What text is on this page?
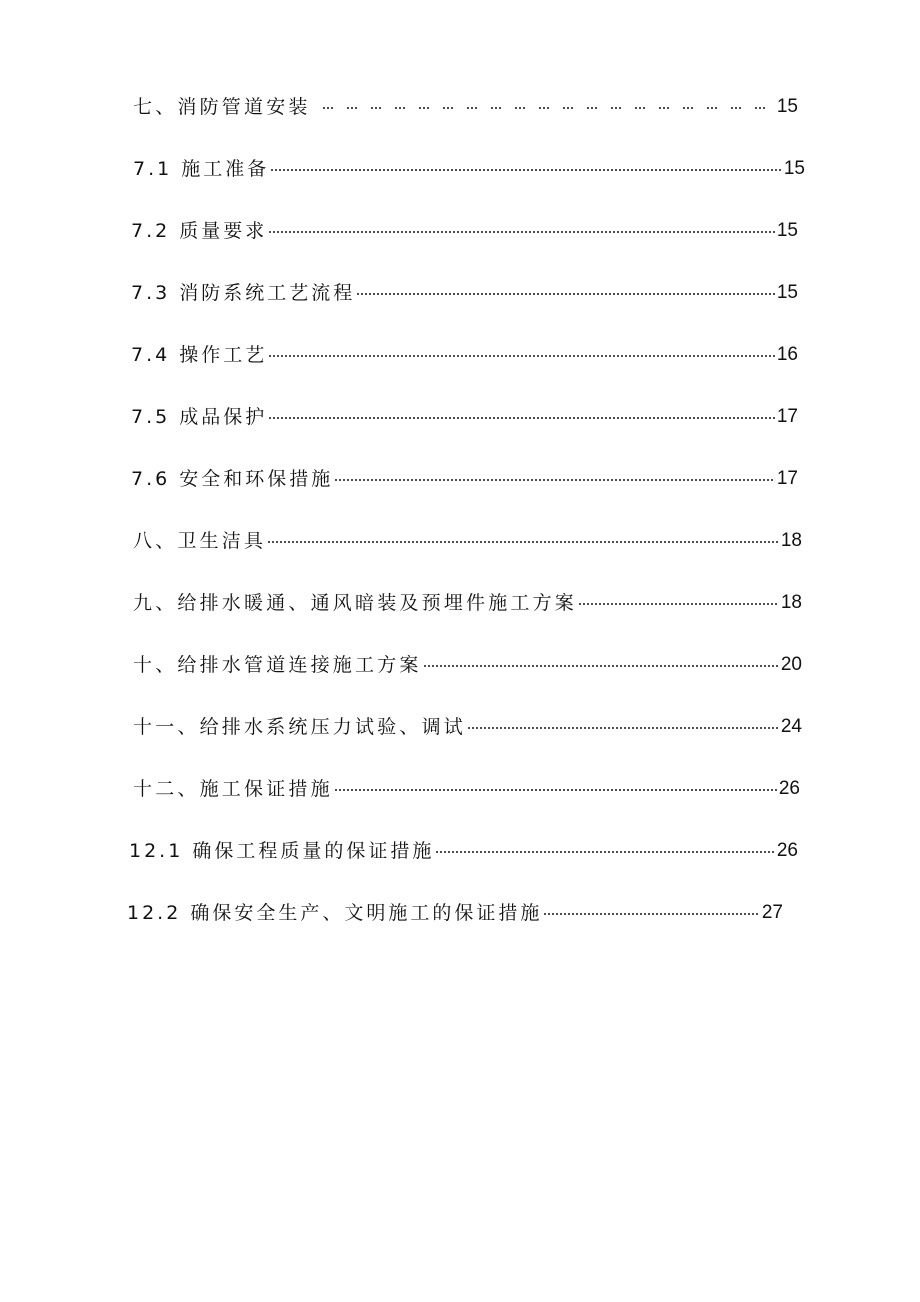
七、消防管道安装	15
7.1 施工准备	15
7.2 质量要求	15
7.3 消防系统工艺流程	15
7.4 操作工艺	16
7.5 成品保护	17
7.6 安全和环保措施	17
八、卫生洁具	18
九、给排水暖通、通风暗装及预埋件施工方案	18
十、给排水管道连接施工方案	20
十一、给排水系统压力试验、调试	24
十二、施工保证措施	26
12.1 确保工程质量的保证措施	26
12.2 确保安全生产、文明施工的保证措施	27
